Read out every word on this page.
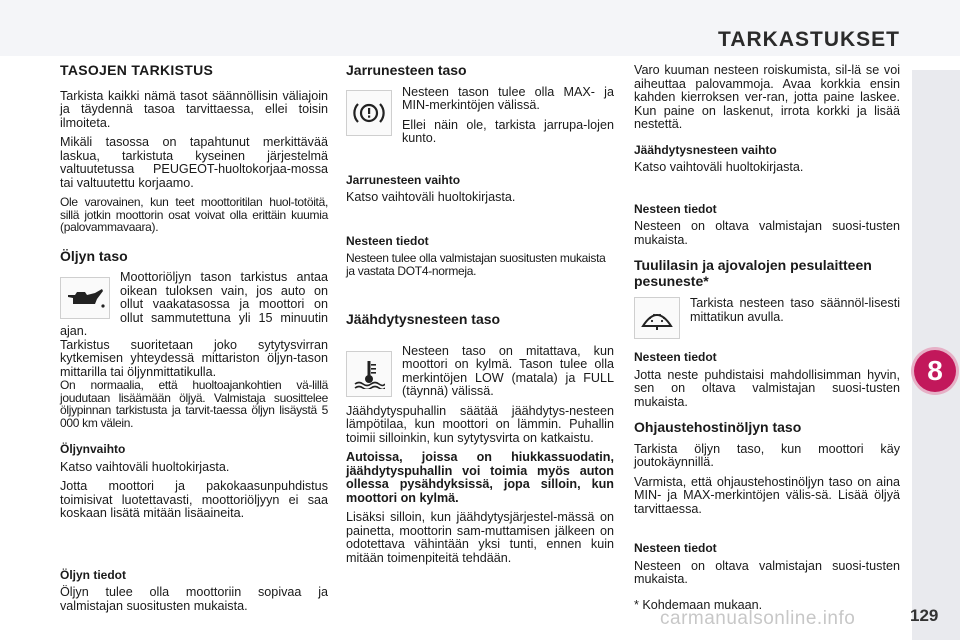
TARKASTUKSET
TASOJEN TARKISTUS

Tarkista kaikki nämä tasot säännöllisin väliajoin ja täydennä tasoa tarvittaessa, ellei toisin ilmoiteta.

Mikäli tasossa on tapahtunut merkittävää laskua, tarkistuta kyseinen järjestelmä valtuutetussa PEUGEOT-huoltokorjaa-mossa tai valtuutettu korjaamo.

Ole varovainen, kun teet moottoritilan huol-totöitä, sillä jotkin moottorin osat voivat olla erittäin kuumia (palovammavaara).

Öljyn taso

Moottoriöljyn tason tarkistus antaa oikean tuloksen vain, jos auto on ollut vaakatasossa ja moottori on ollut sammutettuna yli 15 minuutin ajan.

Tarkistus suoritetaan joko sytytysvirran kytkemisen yhteydessä mittariston öljyn-tason mittarilla tai öljynmittatikulla.

On normaalia, että huoltoajankohtien vä-lillä joudutaan lisäämään öljyä. Valmistaja suosittelee öljypinnan tarkistusta ja tarvit-taessa öljyn lisäystä 5 000 km välein.

Öljynvaihto

Katso vaihtoväli huoltokirjasta.

Jotta moottori ja pakokaasunpuhdistus toimisivat luotettavasti, moottoriöljyyn ei saa koskaan lisätä mitään lisäaineita.

Öljyn tiedot

Öljyn tulee olla moottoriin sopivaa ja valmistajan suositusten mukaista.

Jarrunesteen taso

Nesteen tason tulee olla MAX- ja MIN-merkintöjen välissä.

Ellei näin ole, tarkista jarrupa-lojen kunto.

Jarrunesteen vaihto

Katso vaihtoväli huoltokirjasta.

Nesteen tiedot

Nesteen tulee olla valmistajan suositusten mukaista ja vastata DOT4-normeja.

Jäähdytysnesteen taso

Nesteen taso on mitattava, kun moottori on kylmä. Tason tulee olla merkintöjen LOW (matala) ja FULL (täynnä) välissä.

Jäähdytyspuhallin säätää jäähdytys-nesteen lämpötilaa, kun moottori on lämmin. Puhallin toimii silloinkin, kun sytytysvirta on katkaistu.

Autoissa, joissa on hiukkassuodatin, jäähdytyspuhallin voi toimia myös auton ollessa pysähdyksissä, jopa silloin, kun moottori on kylmä.

Lisäksi silloin, kun jäähdytysjärjestel-mässä on painetta, moottorin sam-muttamisen jälkeen on odotettava vähintään yksi tunti, ennen kuin mitään toimenpiteitä tehdään.

Varo kuuman nesteen roiskumista, sil-lä se voi aiheuttaa palovammoja. Avaa korkkia ensin kahden kierroksen ver-ran, jotta paine laskee. Kun paine on laskenut, irrota korkki ja lisää nestettä.

Jäähdytysnesteen vaihto

Katso vaihtoväli huoltokirjasta.

Nesteen tiedot

Nesteen on oltava valmistajan suosi-tusten mukaista.

Tuulilasin ja ajovalojen pesulaitteen pesuneste*

Tarkista nesteen taso säännöl-lisesti mittatikun avulla.

Nesteen tiedot

Jotta neste puhdistaisi mahdollisimman hyvin, sen on oltava valmistajan suosi-tusten mukaista.

Ohjaustehostinöljyn taso

Tarkista öljyn taso, kun moottori käy joutokäynnillä.

Varmista, että ohjaustehostinöljyn taso on aina MIN- ja MAX-merkintöjen välis-sä. Lisää öljyä tarvittaessa.

Nesteen tiedot

Nesteen on oltava valmistajan suosi-tusten mukaista.

* Kohdemaan mukaan.

8
carmanualsonline.info	129
